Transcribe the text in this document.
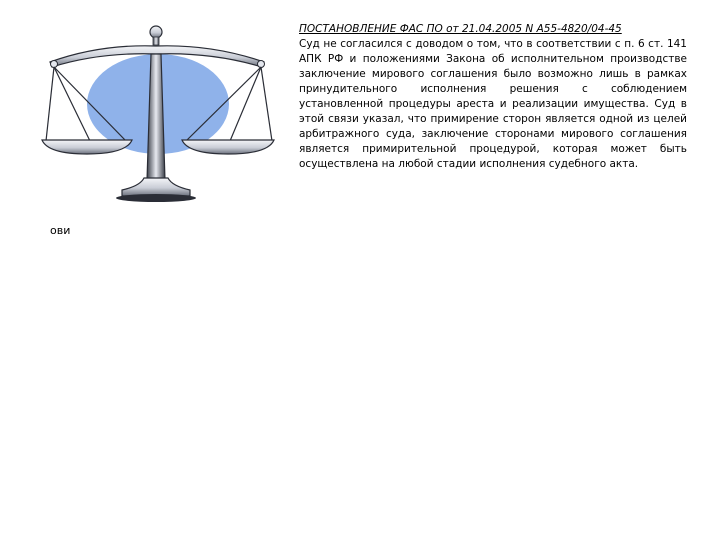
ПОСТАНОВЛЕНИЕ ФАС ПО от 21.04.2005 N А55-4820/04-45

Суд не согласился с доводом о том, что в соответствии с п. 6 ст. 141 АПК РФ и положениями Закона об исполнительном производстве заключение мирового соглашения было возможно лишь в рамках принудительного исполнения решения с соблюдением установленной процедуры ареста и реализации имущества. Суд в этой связи указал, что примирение сторон является одной из целей арбитражного суда, заключение сторонами мирового соглашения является примирительной процедурой, которая может быть осуществлена на любой стадии исполнения судебного акта.

ови
